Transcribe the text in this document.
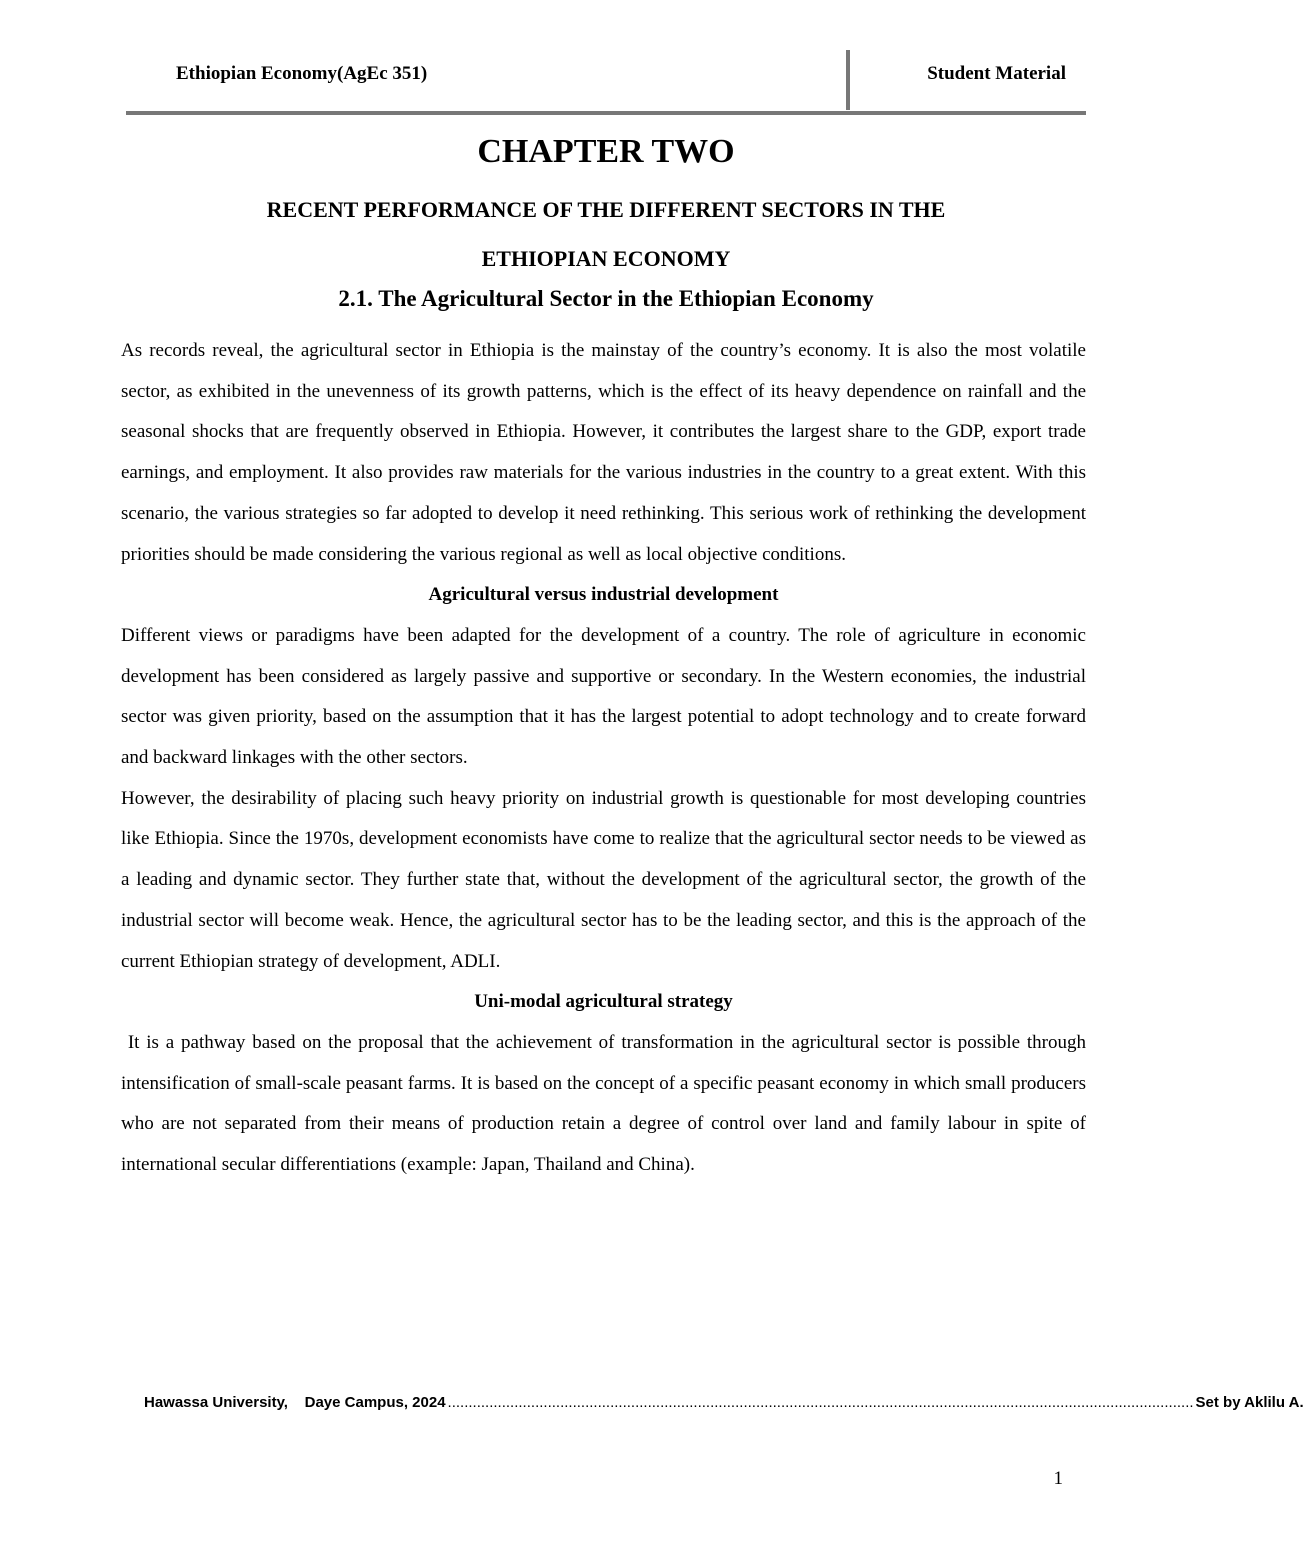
Ethiopian Economy(AgEc 351)	Student Material
CHAPTER TWO
RECENT PERFORMANCE OF THE DIFFERENT SECTORS IN THE
ETHIOPIAN ECONOMY
2.1. The Agricultural Sector in the Ethiopian Economy

As records reveal, the agricultural sector in Ethiopia is the mainstay of the country’s economy. It is also the most volatile sector, as exhibited in the unevenness of its growth patterns, which is the effect of its heavy dependence on rainfall and the seasonal shocks that are frequently observed in Ethiopia. However, it contributes the largest share to the GDP, export trade earnings, and employment. It also provides raw materials for the various industries in the country to a great extent. With this scenario, the various strategies so far adopted to develop it need rethinking. This serious work of rethinking the development priorities should be made considering the various regional as well as local objective conditions.

Agricultural versus industrial development

Different views or paradigms have been adapted for the development of a country. The role of agriculture in economic development has been considered as largely passive and supportive or secondary. In the Western economies, the industrial sector was given priority, based on the assumption that it has the largest potential to adopt technology and to create forward and backward linkages with the other sectors.

However, the desirability of placing such heavy priority on industrial growth is questionable for most developing countries like Ethiopia. Since the 1970s, development economists have come to realize that the agricultural sector needs to be viewed as a leading and dynamic sector. They further state that, without the development of the agricultural sector, the growth of the industrial sector will become weak. Hence, the agricultural sector has to be the leading sector, and this is the approach of the current Ethiopian strategy of development, ADLI.

Uni-modal agricultural strategy

It is a pathway based on the proposal that the achievement of transformation in the agricultural sector is possible through intensification of small-scale peasant farms. It is based on the concept of a specific peasant economy in which small producers who are not separated from their means of production retain a degree of control over land and family labour in spite of international secular differentiations (example: Japan, Thailand and China).

Hawassa University,    Daye Campus, 2024 ................................................................................................................................................................................... Set by Aklilu A.
1
